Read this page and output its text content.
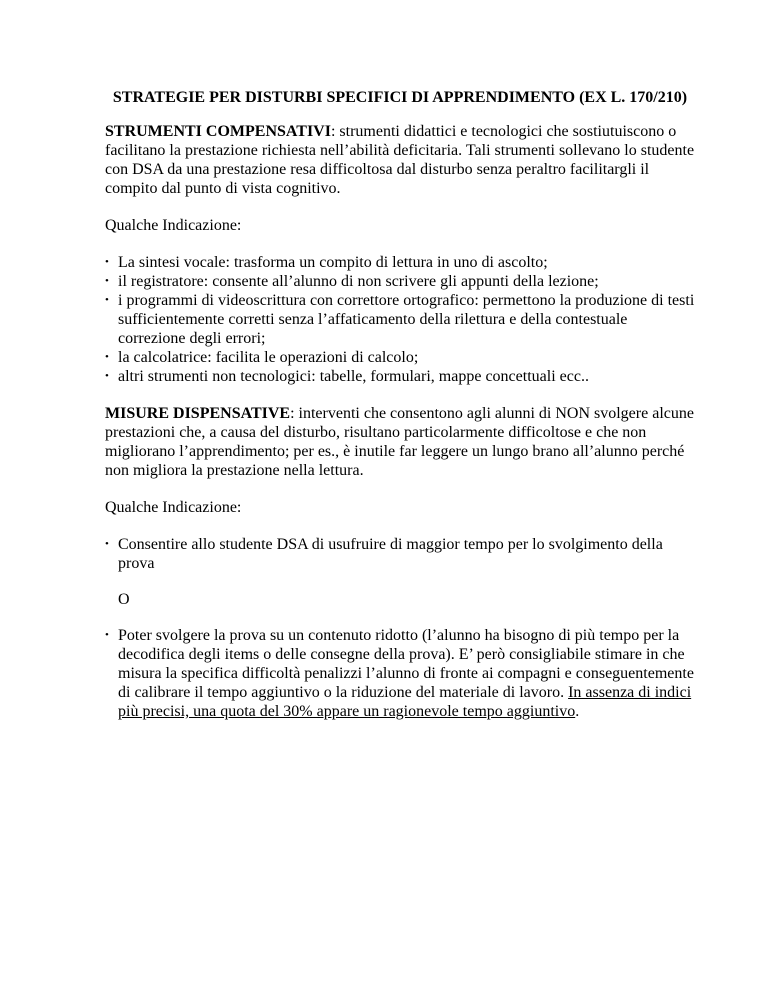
STRATEGIE PER DISTURBI SPECIFICI DI APPRENDIMENTO (EX L. 170/210)

STRUMENTI COMPENSATIVI: strumenti didattici e tecnologici che sostiutuiscono o facilitano la prestazione richiesta nell’abilità deficitaria. Tali strumenti sollevano lo studente con DSA da una prestazione resa difficoltosa dal disturbo senza peraltro facilitargli il compito dal punto di vista cognitivo.

Qualche Indicazione:

• La sintesi vocale: trasforma un compito di lettura in uno di ascolto;
• il registratore: consente all’alunno di non scrivere gli appunti della lezione;
• i programmi di videoscrittura con correttore ortografico: permettono la produzione di testi sufficientemente corretti senza l’affaticamento della rilettura e della contestuale correzione degli errori;
• la calcolatrice: facilita le operazioni di calcolo;
• altri strumenti non tecnologici: tabelle, formulari, mappe concettuali ecc..

MISURE DISPENSATIVE: interventi che consentono agli alunni di NON svolgere alcune prestazioni che, a causa del disturbo, risultano particolarmente difficoltose e che non migliorano l’apprendimento; per es., è inutile far leggere un lungo brano all’alunno perché non migliora la prestazione nella lettura.

Qualche Indicazione:

• Consentire allo studente DSA di usufruire di maggior tempo per lo svolgimento della prova
O
• Poter svolgere la prova su un contenuto ridotto (l’alunno ha bisogno di più tempo per la decodifica degli items o delle consegne della prova). E’ però consigliabile stimare in che misura la specifica difficoltà penalizzi l’alunno di fronte ai compagni e conseguentemente di calibrare il tempo aggiuntivo o la riduzione del materiale di lavoro. In assenza di indici più precisi, una quota del 30% appare un ragionevole tempo aggiuntivo.
